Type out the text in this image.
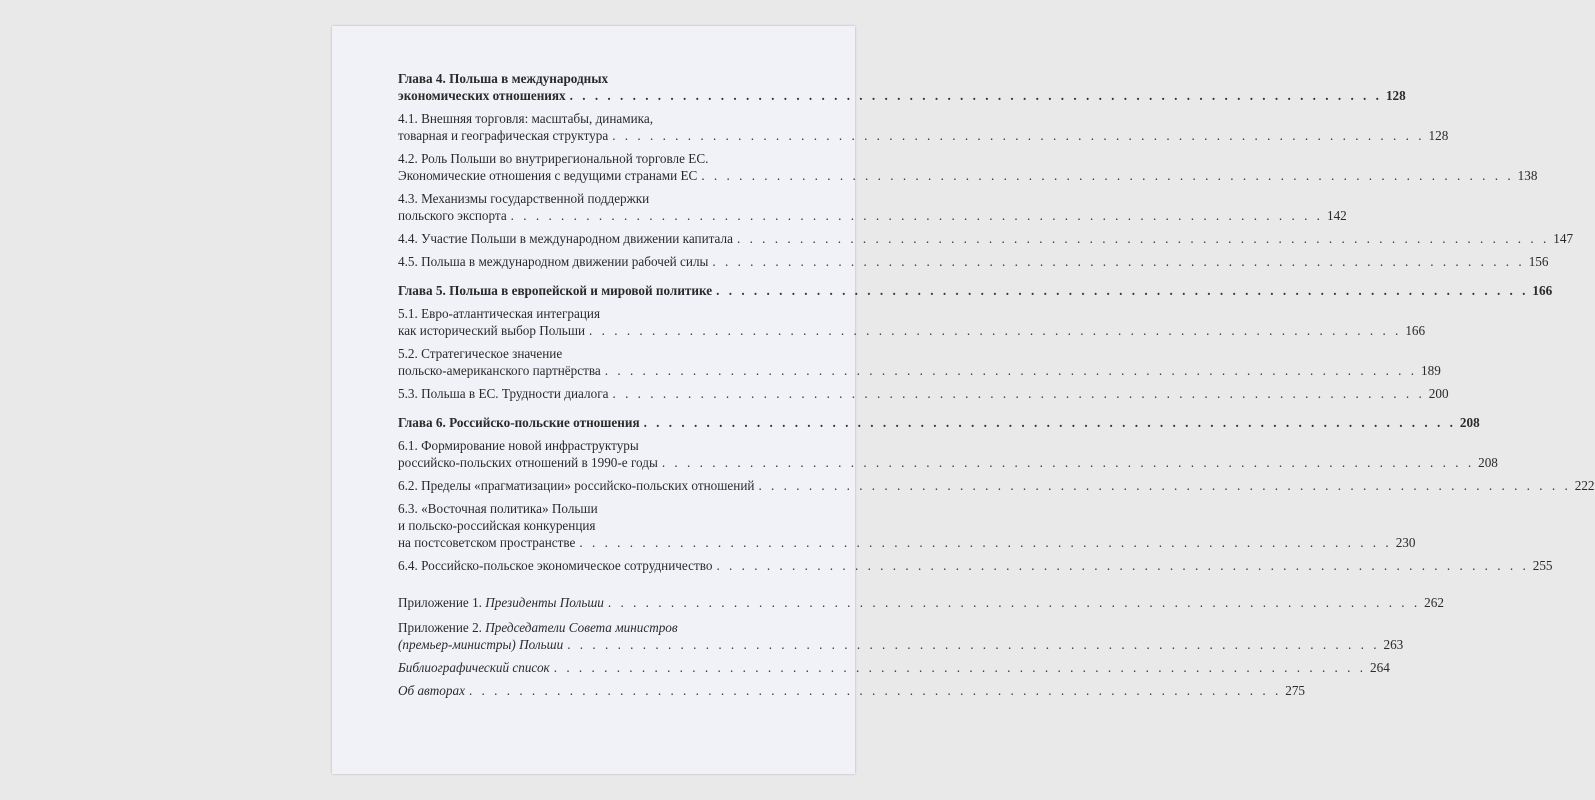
Глава 4. Польша в международных
экономических отношениях . . . . . . . . . . . . . . . . . . . . . . . . . . . . . . . . . . . . . . . . . . . . . . . . . . . . . . . . . . . . . . . . . 128
4.1. Внешняя торговля: масштабы, динамика,
товарная и географическая структура . . . . . . . . . . . . . . . . . . . . . . . . . . . . . . . . . . . . . . . . . . . . . . . . . . . . . . . . . . . . . . . . . 128
4.2. Роль Польши во внутрирегиональной торговле ЕС.
Экономические отношения с ведущими странами ЕС . . . . . . . . . . . . . . . . . . . . . . . . . . . . . . . . . . . . . . . . . . . . . . . . . . . . . . . . . . . . . . . . . 138
4.3. Механизмы государственной поддержки
польского экспорта . . . . . . . . . . . . . . . . . . . . . . . . . . . . . . . . . . . . . . . . . . . . . . . . . . . . . . . . . . . . . . . . . 142
4.4. Участие Польши в международном движении капитала . . . . . . . . . . . . . . . . . . . . . . . . . . . . . . . . . . . . . . . . . . . . . . . . . . . . . . . . . . . . . . . . . 147
4.5. Польша в международном движении рабочей силы . . . . . . . . . . . . . . . . . . . . . . . . . . . . . . . . . . . . . . . . . . . . . . . . . . . . . . . . . . . . . . . . . 156
Глава 5. Польша в европейской и мировой политике . . . . . . . . . . . . . . . . . . . . . . . . . . . . . . . . . . . . . . . . . . . . . . . . . . . . . . . . . . . . . . . . . 166
5.1. Евро-атлантическая интеграция
как исторический выбор Польши . . . . . . . . . . . . . . . . . . . . . . . . . . . . . . . . . . . . . . . . . . . . . . . . . . . . . . . . . . . . . . . . . 166
5.2. Стратегическое значение
польско-американского партнёрства . . . . . . . . . . . . . . . . . . . . . . . . . . . . . . . . . . . . . . . . . . . . . . . . . . . . . . . . . . . . . . . . . 189
5.3. Польша в ЕС. Трудности диалога . . . . . . . . . . . . . . . . . . . . . . . . . . . . . . . . . . . . . . . . . . . . . . . . . . . . . . . . . . . . . . . . . 200
Глава 6. Российско-польские отношения . . . . . . . . . . . . . . . . . . . . . . . . . . . . . . . . . . . . . . . . . . . . . . . . . . . . . . . . . . . . . . . . . 208
6.1. Формирование новой инфраструктуры
российско-польских отношений в 1990-е годы . . . . . . . . . . . . . . . . . . . . . . . . . . . . . . . . . . . . . . . . . . . . . . . . . . . . . . . . . . . . . . . . . 208
6.2. Пределы «прагматизации» российско-польских отношений . . . . . . . . . . . . . . . . . . . . . . . . . . . . . . . . . . . . . . . . . . . . . . . . . . . . . . . . . . . . . . . . . 222
6.3. «Восточная политика» Польши
и польско-российская конкуренция
на постсоветском пространстве . . . . . . . . . . . . . . . . . . . . . . . . . . . . . . . . . . . . . . . . . . . . . . . . . . . . . . . . . . . . . . . . . 230
6.4. Российско-польское экономическое сотрудничество . . . . . . . . . . . . . . . . . . . . . . . . . . . . . . . . . . . . . . . . . . . . . . . . . . . . . . . . . . . . . . . . . 255
Приложение 1. Президенты Польши . . . . . . . . . . . . . . . . . . . . . . . . . . . . . . . . . . . . . . . . . . . . . . . . . . . . . . . . . . . . . . . . . 262
Приложение 2. Председатели Совета министров
(премьер-министры) Польши . . . . . . . . . . . . . . . . . . . . . . . . . . . . . . . . . . . . . . . . . . . . . . . . . . . . . . . . . . . . . . . . . 263
Библиографический список . . . . . . . . . . . . . . . . . . . . . . . . . . . . . . . . . . . . . . . . . . . . . . . . . . . . . . . . . . . . . . . . . 264
Об авторах . . . . . . . . . . . . . . . . . . . . . . . . . . . . . . . . . . . . . . . . . . . . . . . . . . . . . . . . . . . . . . . . . 275
